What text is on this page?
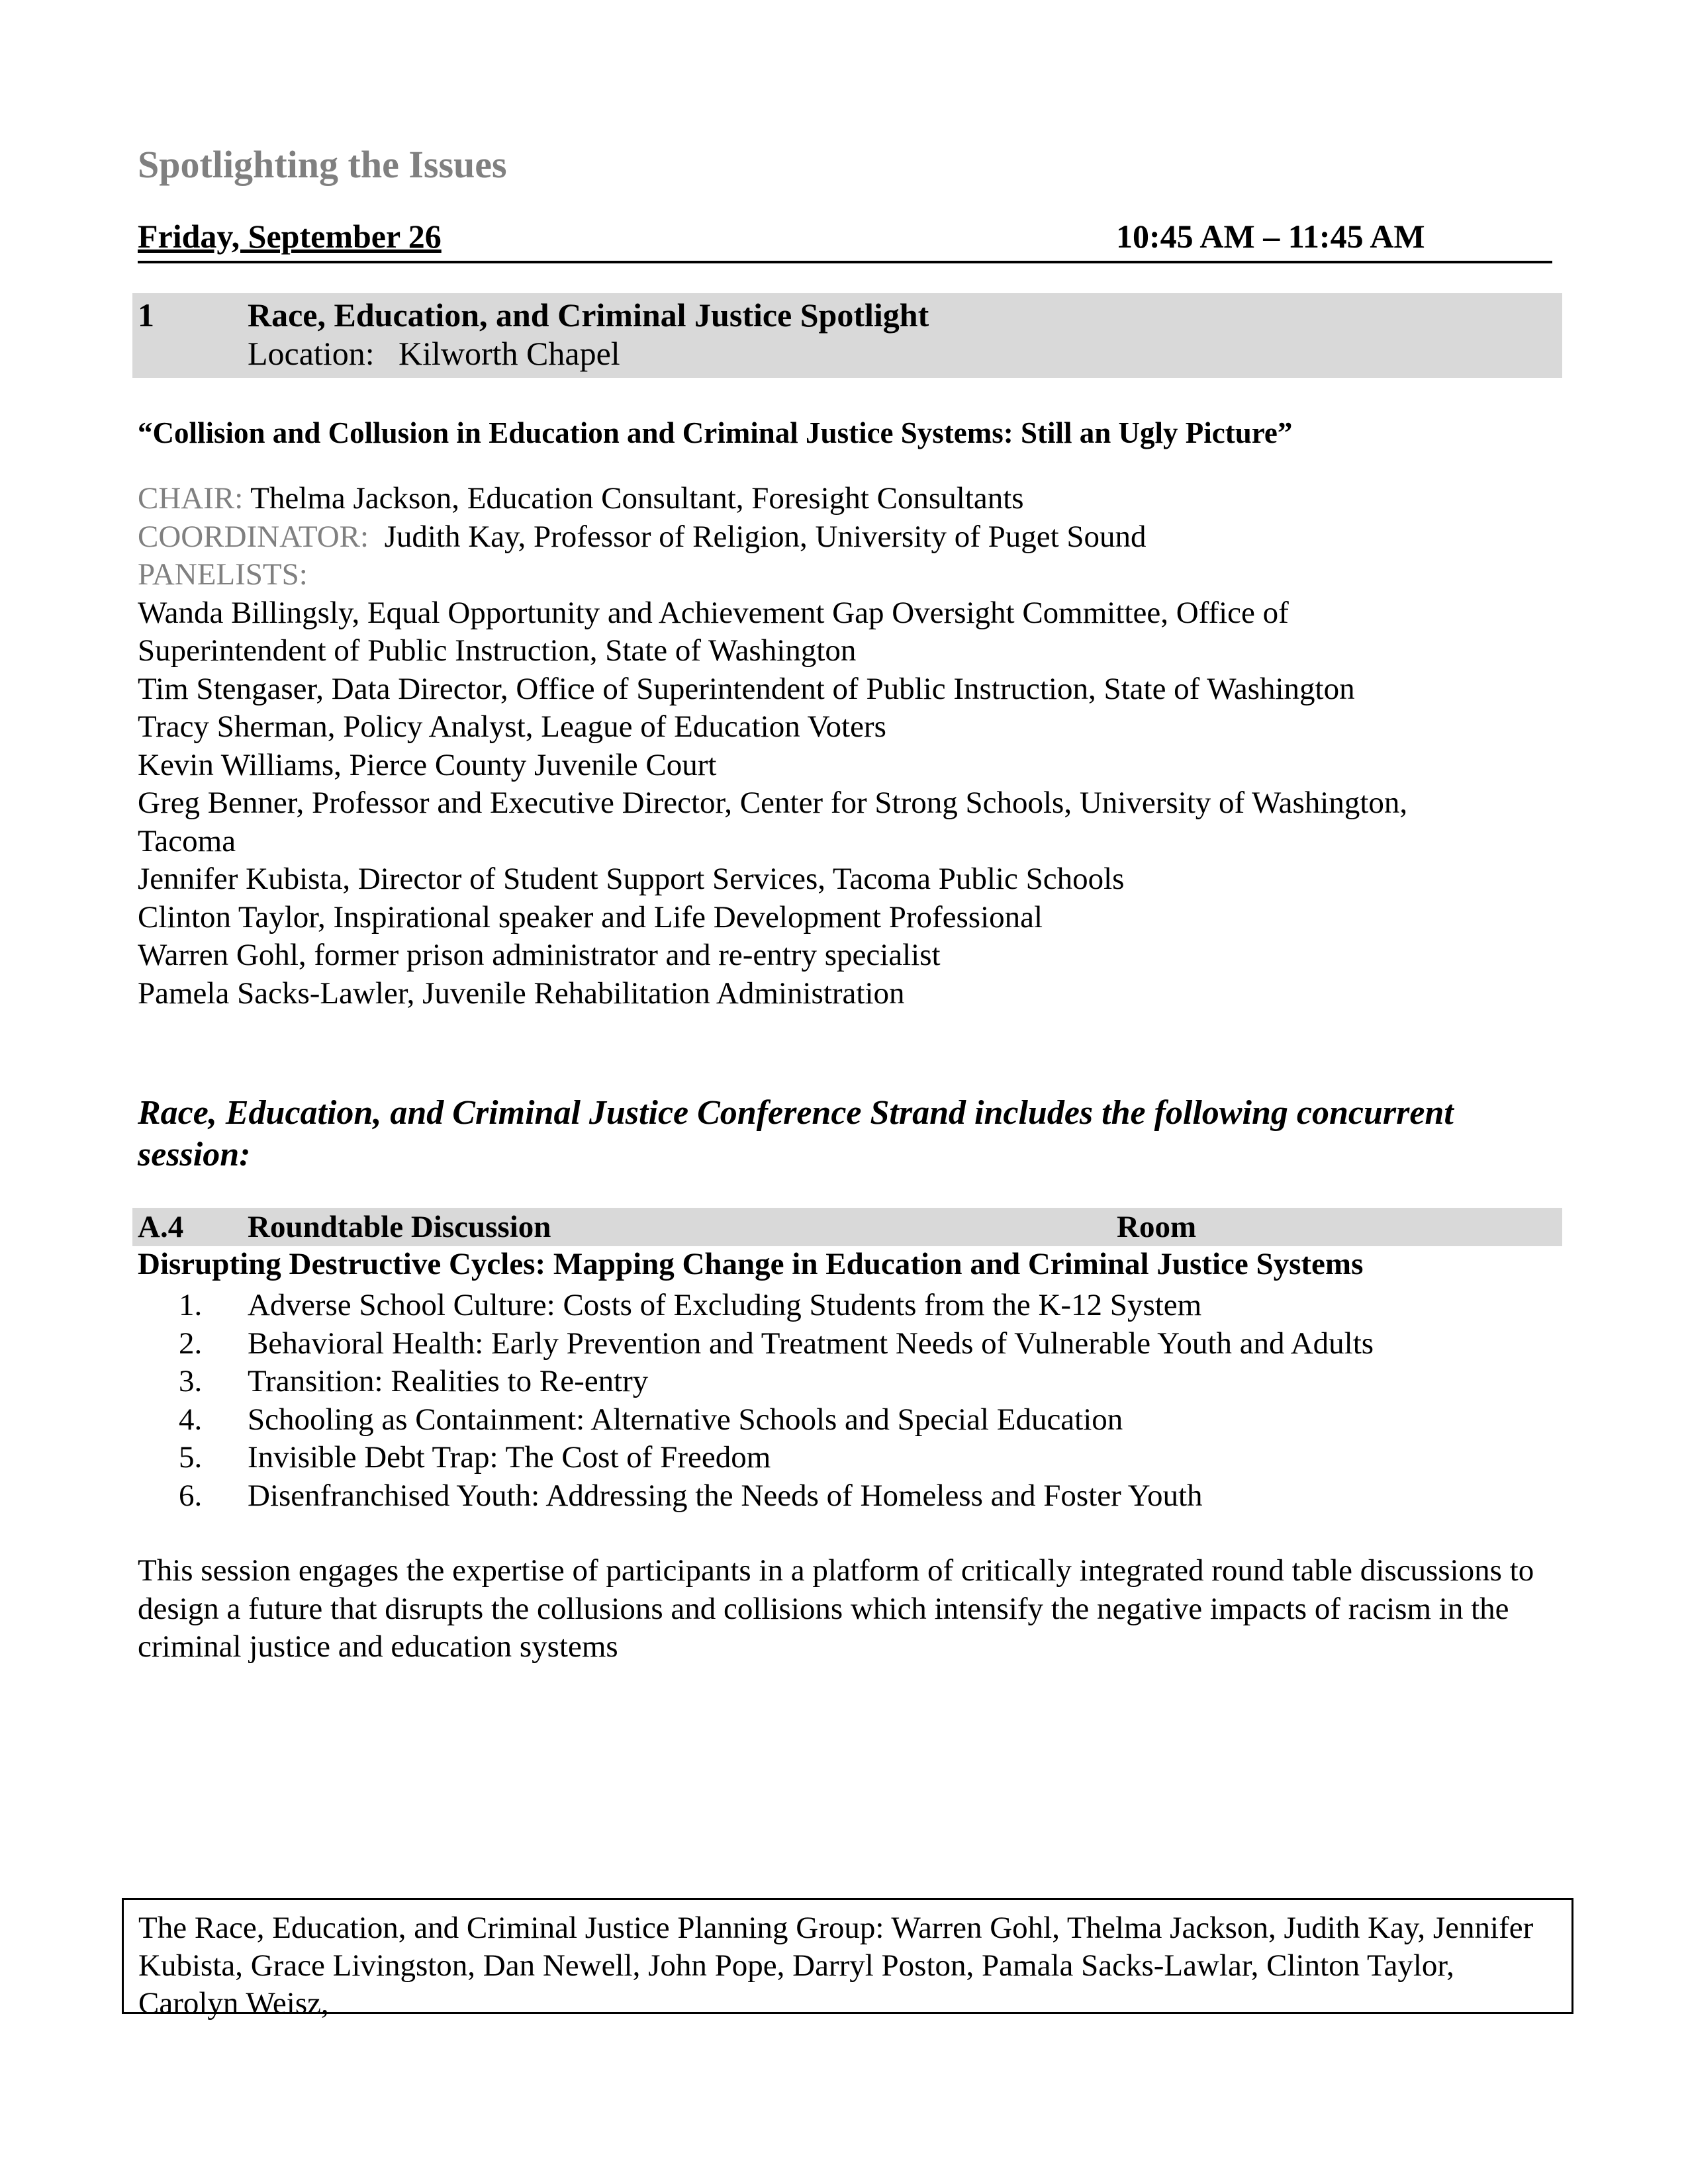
Spotlighting the Issues
Friday, September 26	10:45 AM – 11:45 AM
1	Race, Education, and Criminal Justice Spotlight
Location: Kilworth Chapel
“Collision and Collusion in Education and Criminal Justice Systems: Still an Ugly Picture”
CHAIR: Thelma Jackson, Education Consultant, Foresight Consultants
COORDINATOR:  Judith Kay, Professor of Religion, University of Puget Sound
PANELISTS:
Wanda Billingsly, Equal Opportunity and Achievement Gap Oversight Committee, Office of
Superintendent of Public Instruction, State of Washington
Tim Stengaser, Data Director, Office of Superintendent of Public Instruction, State of Washington
Tracy Sherman, Policy Analyst, League of Education Voters
Kevin Williams, Pierce County Juvenile Court
Greg Benner, Professor and Executive Director, Center for Strong Schools, University of Washington,
Tacoma
Jennifer Kubista, Director of Student Support Services, Tacoma Public Schools
Clinton Taylor, Inspirational speaker and Life Development Professional
Warren Gohl, former prison administrator and re-entry specialist
Pamela Sacks-Lawler, Juvenile Rehabilitation Administration
Race, Education, and Criminal Justice Conference Strand includes the following concurrent session:
A.4 Roundtable Discussion	Room
Disrupting Destructive Cycles: Mapping Change in Education and Criminal Justice Systems
1. Adverse School Culture: Costs of Excluding Students from the K-12 System
2. Behavioral Health: Early Prevention and Treatment Needs of Vulnerable Youth and Adults
3. Transition: Realities to Re-entry
4. Schooling as Containment: Alternative Schools and Special Education
5. Invisible Debt Trap: The Cost of Freedom
6. Disenfranchised Youth: Addressing the Needs of Homeless and Foster Youth
This session engages the expertise of participants in a platform of critically integrated round table discussions to design a future that disrupts the collusions and collisions which intensify the negative impacts of racism in the criminal justice and education systems
The Race, Education, and Criminal Justice Planning Group: Warren Gohl, Thelma Jackson, Judith Kay, Jennifer Kubista, Grace Livingston, Dan Newell, John Pope, Darryl Poston, Pamala Sacks-Lawlar, Clinton Taylor, Carolyn Weisz,
